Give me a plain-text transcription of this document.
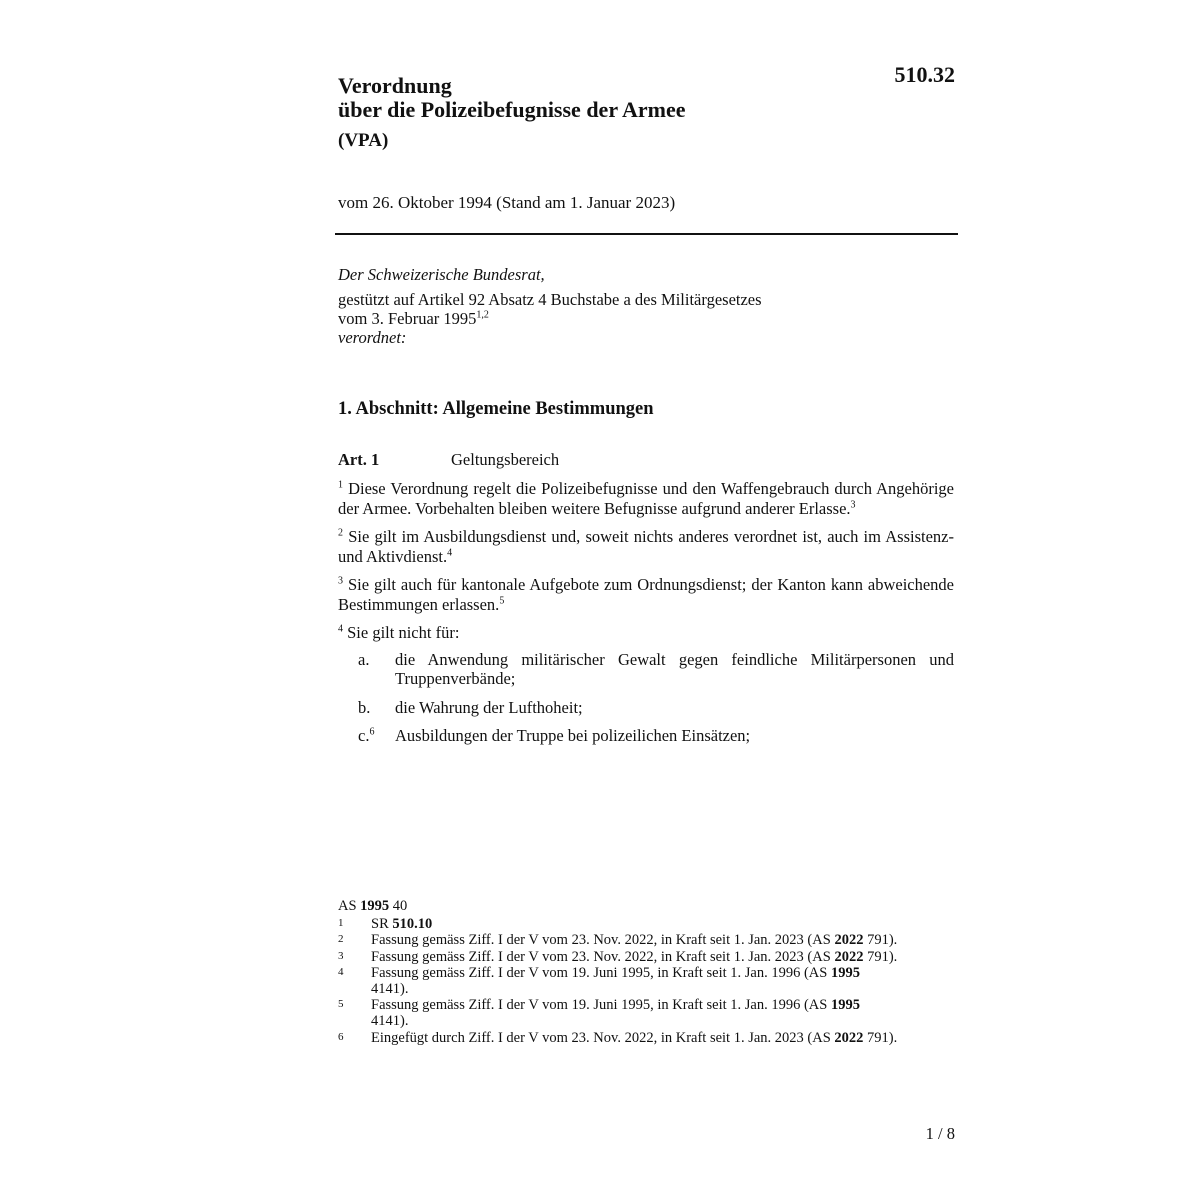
510.32
Verordnung
über die Polizeibefugnisse der Armee
(VPA)
vom 26. Oktober 1994 (Stand am 1. Januar 2023)

Der Schweizerische Bundesrat,

gestützt auf Artikel 92 Absatz 4 Buchstabe a des Militärgesetzes

vom 3. Februar 1995$^{1,2}$

verordnet:

1. Abschnitt: Allgemeine Bestimmungen
Art. 1	Geltungsbereich

$^1$ Diese Verordnung regelt die Polizeibefugnisse und den Waffengebrauch durch Angehörige der Armee. Vorbehalten bleiben weitere Befugnisse aufgrund anderer Erlasse.$^3$

$^2$ Sie gilt im Ausbildungsdienst und, soweit nichts anderes verordnet ist, auch im Assistenz- und Aktivdienst.$^4$

$^3$ Sie gilt auch für kantonale Aufgebote zum Ordnungsdienst; der Kanton kann abweichende Bestimmungen erlassen.$^5$

$^4$ Sie gilt nicht für:

a.	die Anwendung militärischer Gewalt gegen feindliche Militärpersonen und Truppenverbände;
b.	die Wahrung der Lufthoheit;
c.$^6$	Ausbildungen der Truppe bei polizeilichen Einsätzen;
AS 1995 40
1	SR 510.10
2	Fassung gemäss Ziff. I der V vom 23. Nov. 2022, in Kraft seit 1. Jan. 2023 (AS 2022 791).
3	Fassung gemäss Ziff. I der V vom 23. Nov. 2022, in Kraft seit 1. Jan. 2023 (AS 2022 791).
4	Fassung gemäss Ziff. I der V vom 19. Juni 1995, in Kraft seit 1. Jan. 1996 (AS 1995 4141).
5	Fassung gemäss Ziff. I der V vom 19. Juni 1995, in Kraft seit 1. Jan. 1996 (AS 1995 4141).
6	Eingefügt durch Ziff. I der V vom 23. Nov. 2022, in Kraft seit 1. Jan. 2023 (AS 2022 791).
1 / 8
